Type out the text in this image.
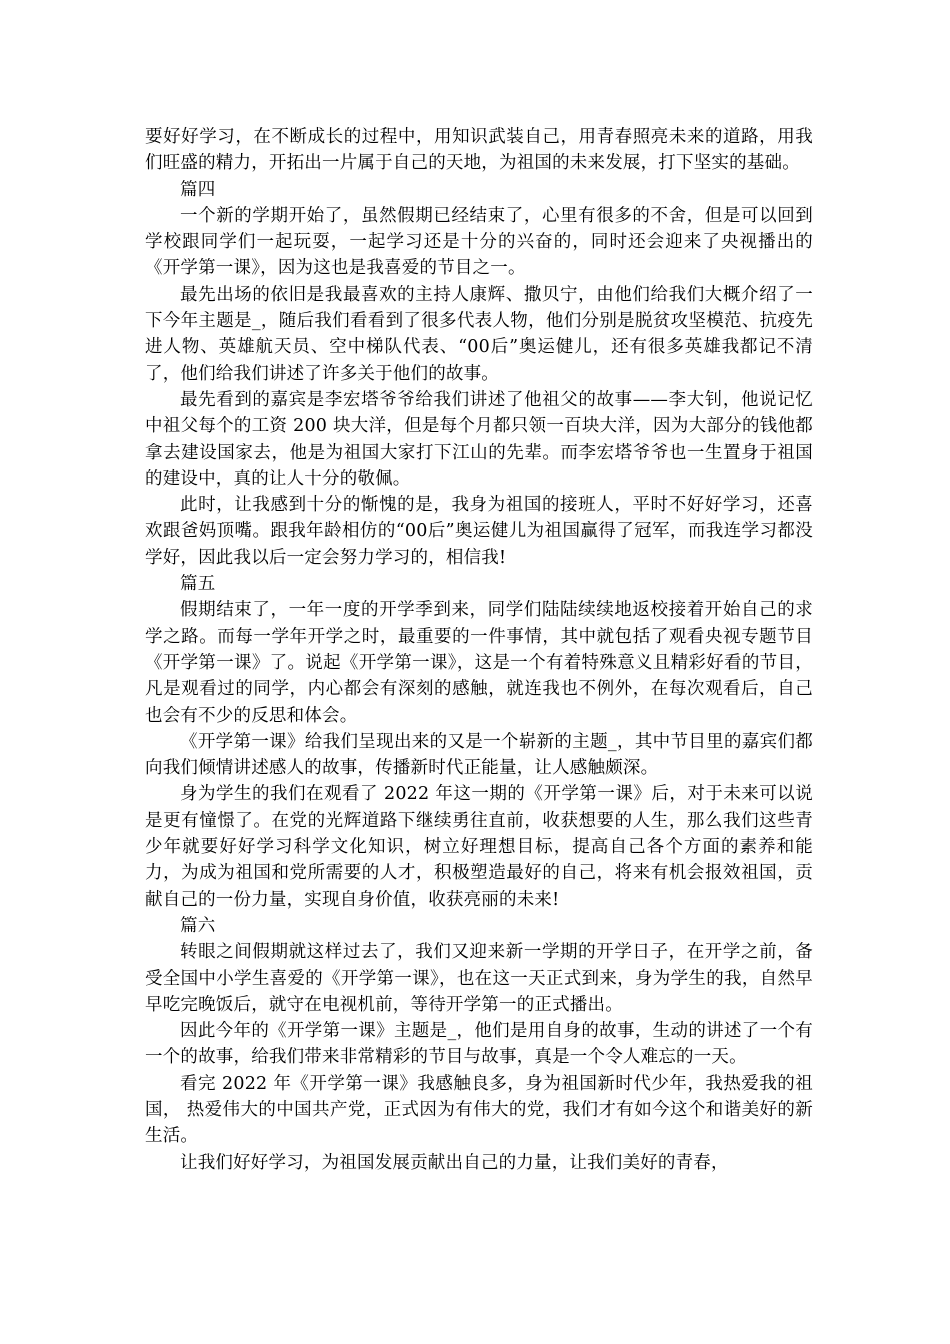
要好好学习，在不断成长的过程中，用知识武装自己，用青春照亮未来的道路，用我们旺盛的精力，开拓出一片属于自己的天地，为祖国的未来发展，打下坚实的基础。

篇四

一个新的学期开始了，虽然假期已经结束了，心里有很多的不舍，但是可以回到学校跟同学们一起玩耍，一起学习还是十分的兴奋的，同时还会迎来了央视播出的《开学第一课》，因为这也是我喜爱的节目之一。

最先出场的依旧是我最喜欢的主持人康辉、撒贝宁，由他们给我们大概介绍了一下今年主题是_，随后我们看看到了很多代表人物，他们分别是脱贫攻坚模范、抗疫先进人物、英雄航天员、空中梯队代表、“00后”奥运健儿，还有很多英雄我都记不清了，他们给我们讲述了许多关于他们的故事。

最先看到的嘉宾是李宏塔爷爷给我们讲述了他祖父的故事——李大钊，他说记忆中祖父每个的工资 200 块大洋，但是每个月都只领一百块大洋，因为大部分的钱他都拿去建设国家去，他是为祖国大家打下江山的先辈。而李宏塔爷爷也一生置身于祖国的建设中，真的让人十分的敬佩。

此时，让我感到十分的惭愧的是，我身为祖国的接班人，平时不好好学习，还喜欢跟爸妈顶嘴。跟我年龄相仿的“00后”奥运健儿为祖国赢得了冠军，而我连学习都没学好，因此我以后一定会努力学习的，相信我!

篇五

假期结束了，一年一度的开学季到来，同学们陆陆续续地返校接着开始自己的求学之路。而每一学年开学之时，最重要的一件事情，其中就包括了观看央视专题节目《开学第一课》了。说起《开学第一课》，这是一个有着特殊意义且精彩好看的节目，凡是观看过的同学，内心都会有深刻的感触，就连我也不例外，在每次观看后，自己也会有不少的反思和体会。

《开学第一课》给我们呈现出来的又是一个崭新的主题_，其中节目里的嘉宾们都向我们倾情讲述感人的故事，传播新时代正能量，让人感触颇深。

身为学生的我们在观看了 2022 年这一期的《开学第一课》后，对于未来可以说是更有憧憬了。在党的光辉道路下继续勇往直前，收获想要的人生，那么我们这些青少年就要好好学习科学文化知识，树立好理想目标，提高自己各个方面的素养和能力，为成为祖国和党所需要的人才，积极塑造最好的自己，将来有机会报效祖国，贡献自己的一份力量，实现自身价值，收获亮丽的未来!

篇六

转眼之间假期就这样过去了，我们又迎来新一学期的开学日子，在开学之前，备受全国中小学生喜爱的《开学第一课》，也在这一天正式到来，身为学生的我，自然早早吃完晚饭后，就守在电视机前，等待开学第一的正式播出。

因此今年的《开学第一课》主题是_，他们是用自身的故事，生动的讲述了一个有一个的故事，给我们带来非常精彩的节目与故事，真是一个令人难忘的一天。

看完 2022 年《开学第一课》我感触良多，身为祖国新时代少年，我热爱我的祖国， 热爱伟大的中国共产党，正式因为有伟大的党，我们才有如今这个和谐美好的新生活。

让我们好好学习，为祖国发展贡献出自己的力量，让我们美好的青春，
